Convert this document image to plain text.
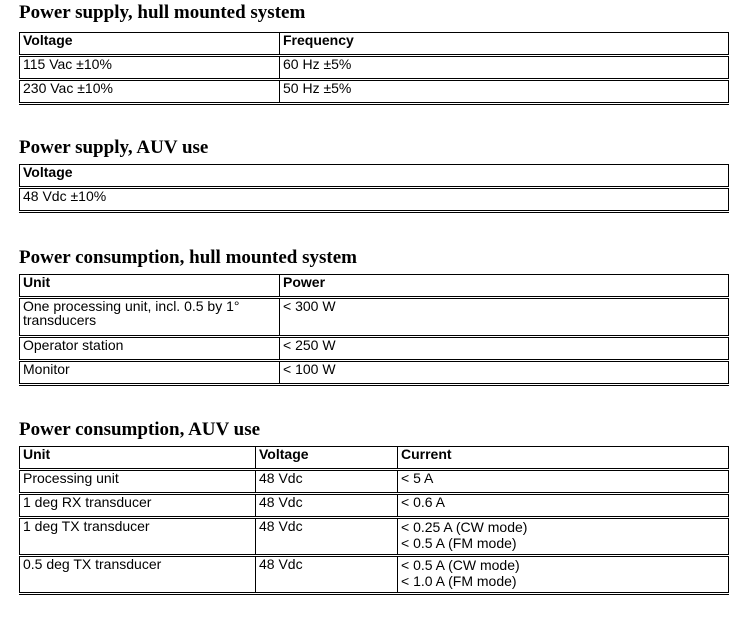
Power supply, hull mounted system
Voltage	Frequency
115 Vac ±10%	60 Hz ±5%
230 Vac ±10%	50 Hz ±5%
Power supply, AUV use
Voltage
48 Vdc ±10%
Power consumption, hull mounted system
Unit	Power
One processing unit, incl. 0.5 by 1° transducers	< 300 W
Operator station	< 250 W
Monitor	< 100 W
Power consumption, AUV use
Unit	Voltage	Current
Processing unit	48 Vdc	< 5 A
1 deg RX transducer	48 Vdc	< 0.6 A
1 deg TX transducer	48 Vdc	< 0.25 A (CW mode)
< 0.5 A (FM mode)
0.5 deg TX transducer	48 Vdc	< 0.5 A (CW mode)
< 1.0 A (FM mode)
